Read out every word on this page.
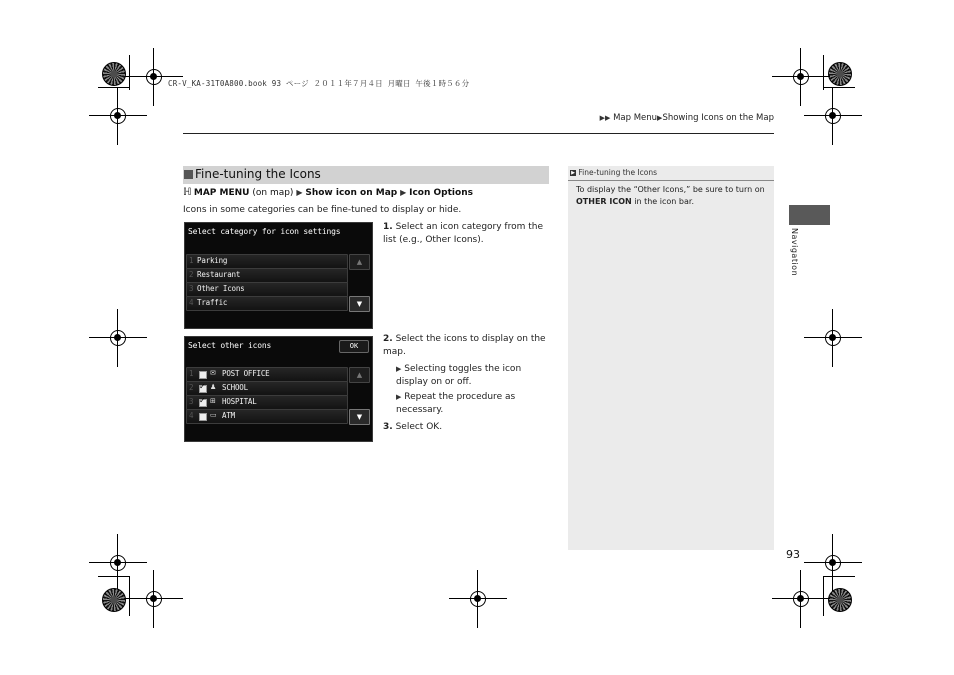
CR-V_KA-31T0A800.book 93 ページ ２０１１年７月４日 月曜日 午後１時５６分
▶▶ Map Menu▶Showing Icons on the Map
Fine-tuning the Icons
ℍ MAP MENU (on map) ▶ Show icon on Map ▶ Icon Options
Icons in some categories can be fine-tuned to display or hide.
Select category for icon settings
1 Parking
2 Restaurant
3 Other Icons
4 Traffic
▲
▼
Select other icons	OK
1 ✉ POST OFFICE
2 ✓ ♟ SCHOOL
3 ✓ ⊞ HOSPITAL
4 ▭ ATM
▲
▼
1. Select an icon category from the list (e.g., Other Icons).
2. Select the icons to display on the map.
▶ Selecting toggles the icon display on or off.
▶ Repeat the procedure as necessary.
3. Select OK.
▶ Fine-tuning the Icons
To display the “Other Icons,” be sure to turn on OTHER ICON in the icon bar.
Navigation
93
